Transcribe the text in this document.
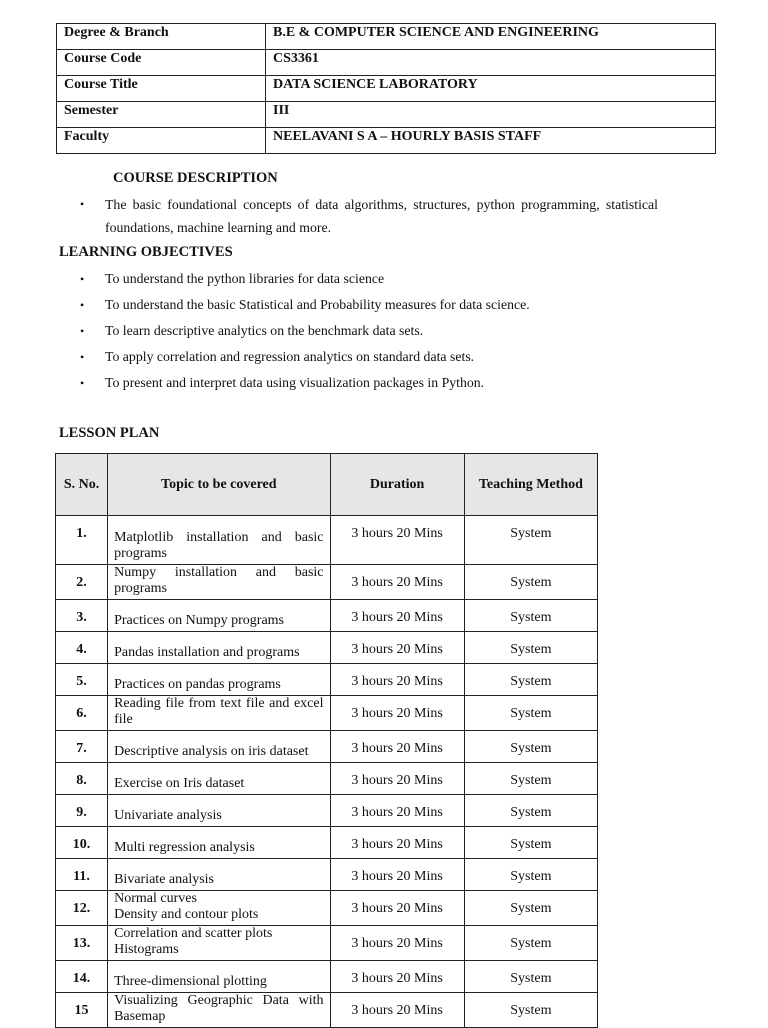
Degree & Branch	B.E & COMPUTER SCIENCE AND ENGINEERING
Course Code	CS3361
Course Title	DATA SCIENCE LABORATORY
Semester	III
Faculty	NEELAVANI S A – HOURLY BASIS STAFF
COURSE DESCRIPTION
• The basic foundational concepts of data algorithms, structures, python programming, statistical
foundations, machine learning and more.
LEARNING OBJECTIVES
• To understand the python libraries for data science
• To understand the basic Statistical and Probability measures for data science.
• To learn descriptive analytics on the benchmark data sets.
• To apply correlation and regression analytics on standard data sets.
• To present and interpret data using visualization packages in Python.
LESSON PLAN
S. No.	Topic to be covered	Duration	Teaching Method
1.	Matplotlib installation and basic programs	3 hours 20 Mins	System
2.	Numpy installation and basic programs	3 hours 20 Mins	System
3.	Practices on Numpy programs	3 hours 20 Mins	System
4.	Pandas installation and programs	3 hours 20 Mins	System
5.	Practices on pandas programs	3 hours 20 Mins	System
6.	Reading file from text file and excel file	3 hours 20 Mins	System
7.	Descriptive analysis on iris dataset	3 hours 20 Mins	System
8.	Exercise on Iris dataset	3 hours 20 Mins	System
9.	Univariate analysis	3 hours 20 Mins	System
10.	Multi regression analysis	3 hours 20 Mins	System
11.	Bivariate analysis	3 hours 20 Mins	System
12.	Normal curves
Density and contour plots	3 hours 20 Mins	System
13.	Correlation and scatter plots
Histograms	3 hours 20 Mins	System
14.	Three-dimensional plotting	3 hours 20 Mins	System
15	Visualizing Geographic Data with Basemap	3 hours 20 Mins	System
